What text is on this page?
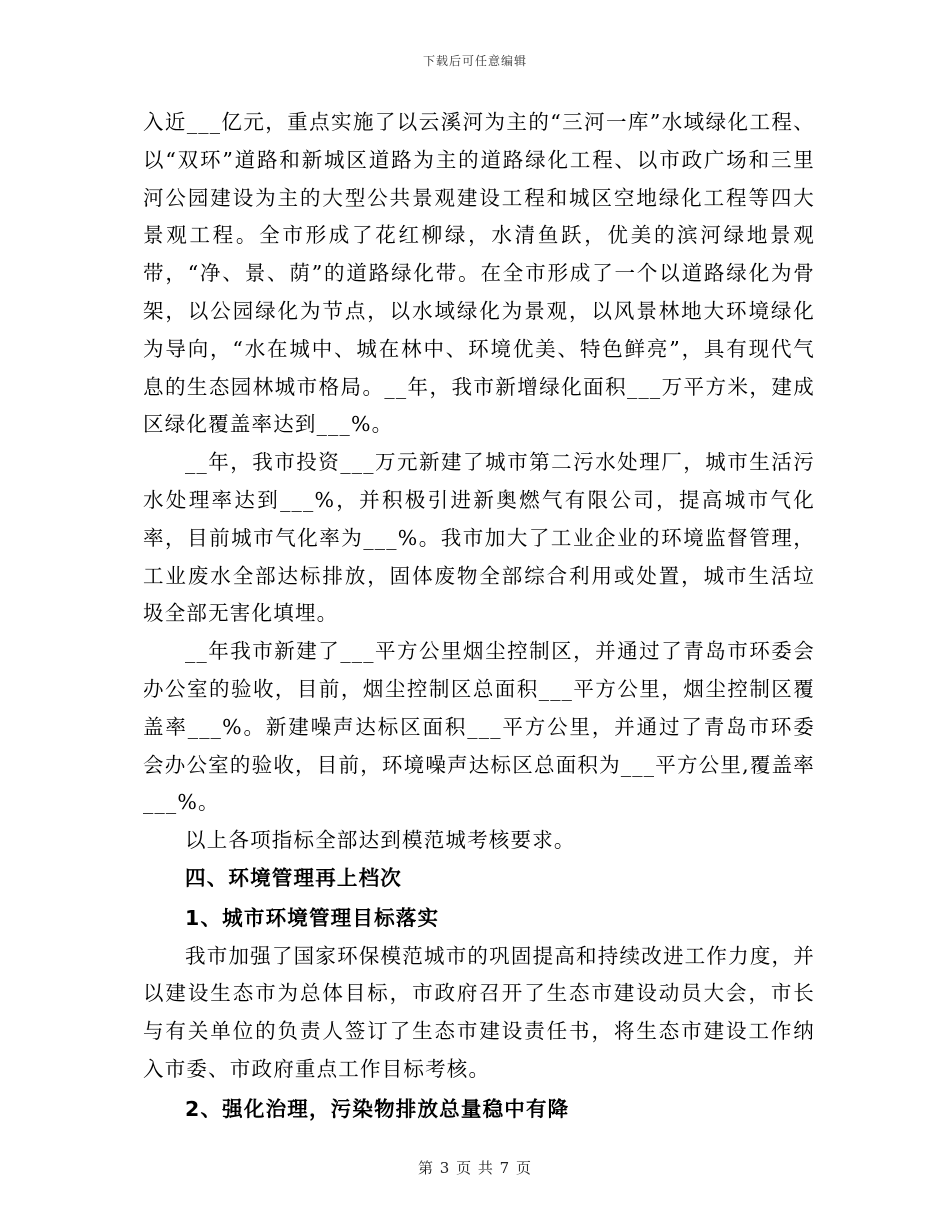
下载后可任意编辑

入近___亿元，重点实施了以云溪河为主的“三河一库”水域绿化工程、以“双环”道路和新城区道路为主的道路绿化工程、以市政广场和三里河公园建设为主的大型公共景观建设工程和城区空地绿化工程等四大景观工程。全市形成了花红柳绿，水清鱼跃，优美的滨河绿地景观带，“净、景、荫”的道路绿化带。在全市形成了一个以道路绿化为骨架，以公园绿化为节点，以水域绿化为景观，以风景林地大环境绿化为导向，“水在城中、城在林中、环境优美、特色鲜亮”，具有现代气息的生态园林城市格局。__年，我市新增绿化面积___万平方米，建成区绿化覆盖率达到___%。

__年，我市投资___万元新建了城市第二污水处理厂，城市生活污水处理率达到___%，并积极引进新奥燃气有限公司，提高城市气化率，目前城市气化率为___%。我市加大了工业企业的环境监督管理，工业废水全部达标排放，固体废物全部综合利用或处置，城市生活垃圾全部无害化填埋。

__年我市新建了___平方公里烟尘控制区，并通过了青岛市环委会办公室的验收，目前，烟尘控制区总面积___平方公里，烟尘控制区覆盖率___%。新建噪声达标区面积___平方公里，并通过了青岛市环委会办公室的验收，目前，环境噪声达标区总面积为___平方公里,覆盖率___%。

以上各项指标全部达到模范城考核要求。

四、环境管理再上档次

1、城市环境管理目标落实

我市加强了国家环保模范城市的巩固提高和持续改进工作力度，并以建设生态市为总体目标，市政府召开了生态市建设动员大会，市长与有关单位的负责人签订了生态市建设责任书，将生态市建设工作纳入市委、市政府重点工作目标考核。

2、强化治理，污染物排放总量稳中有降

第 3 页 共 7 页
